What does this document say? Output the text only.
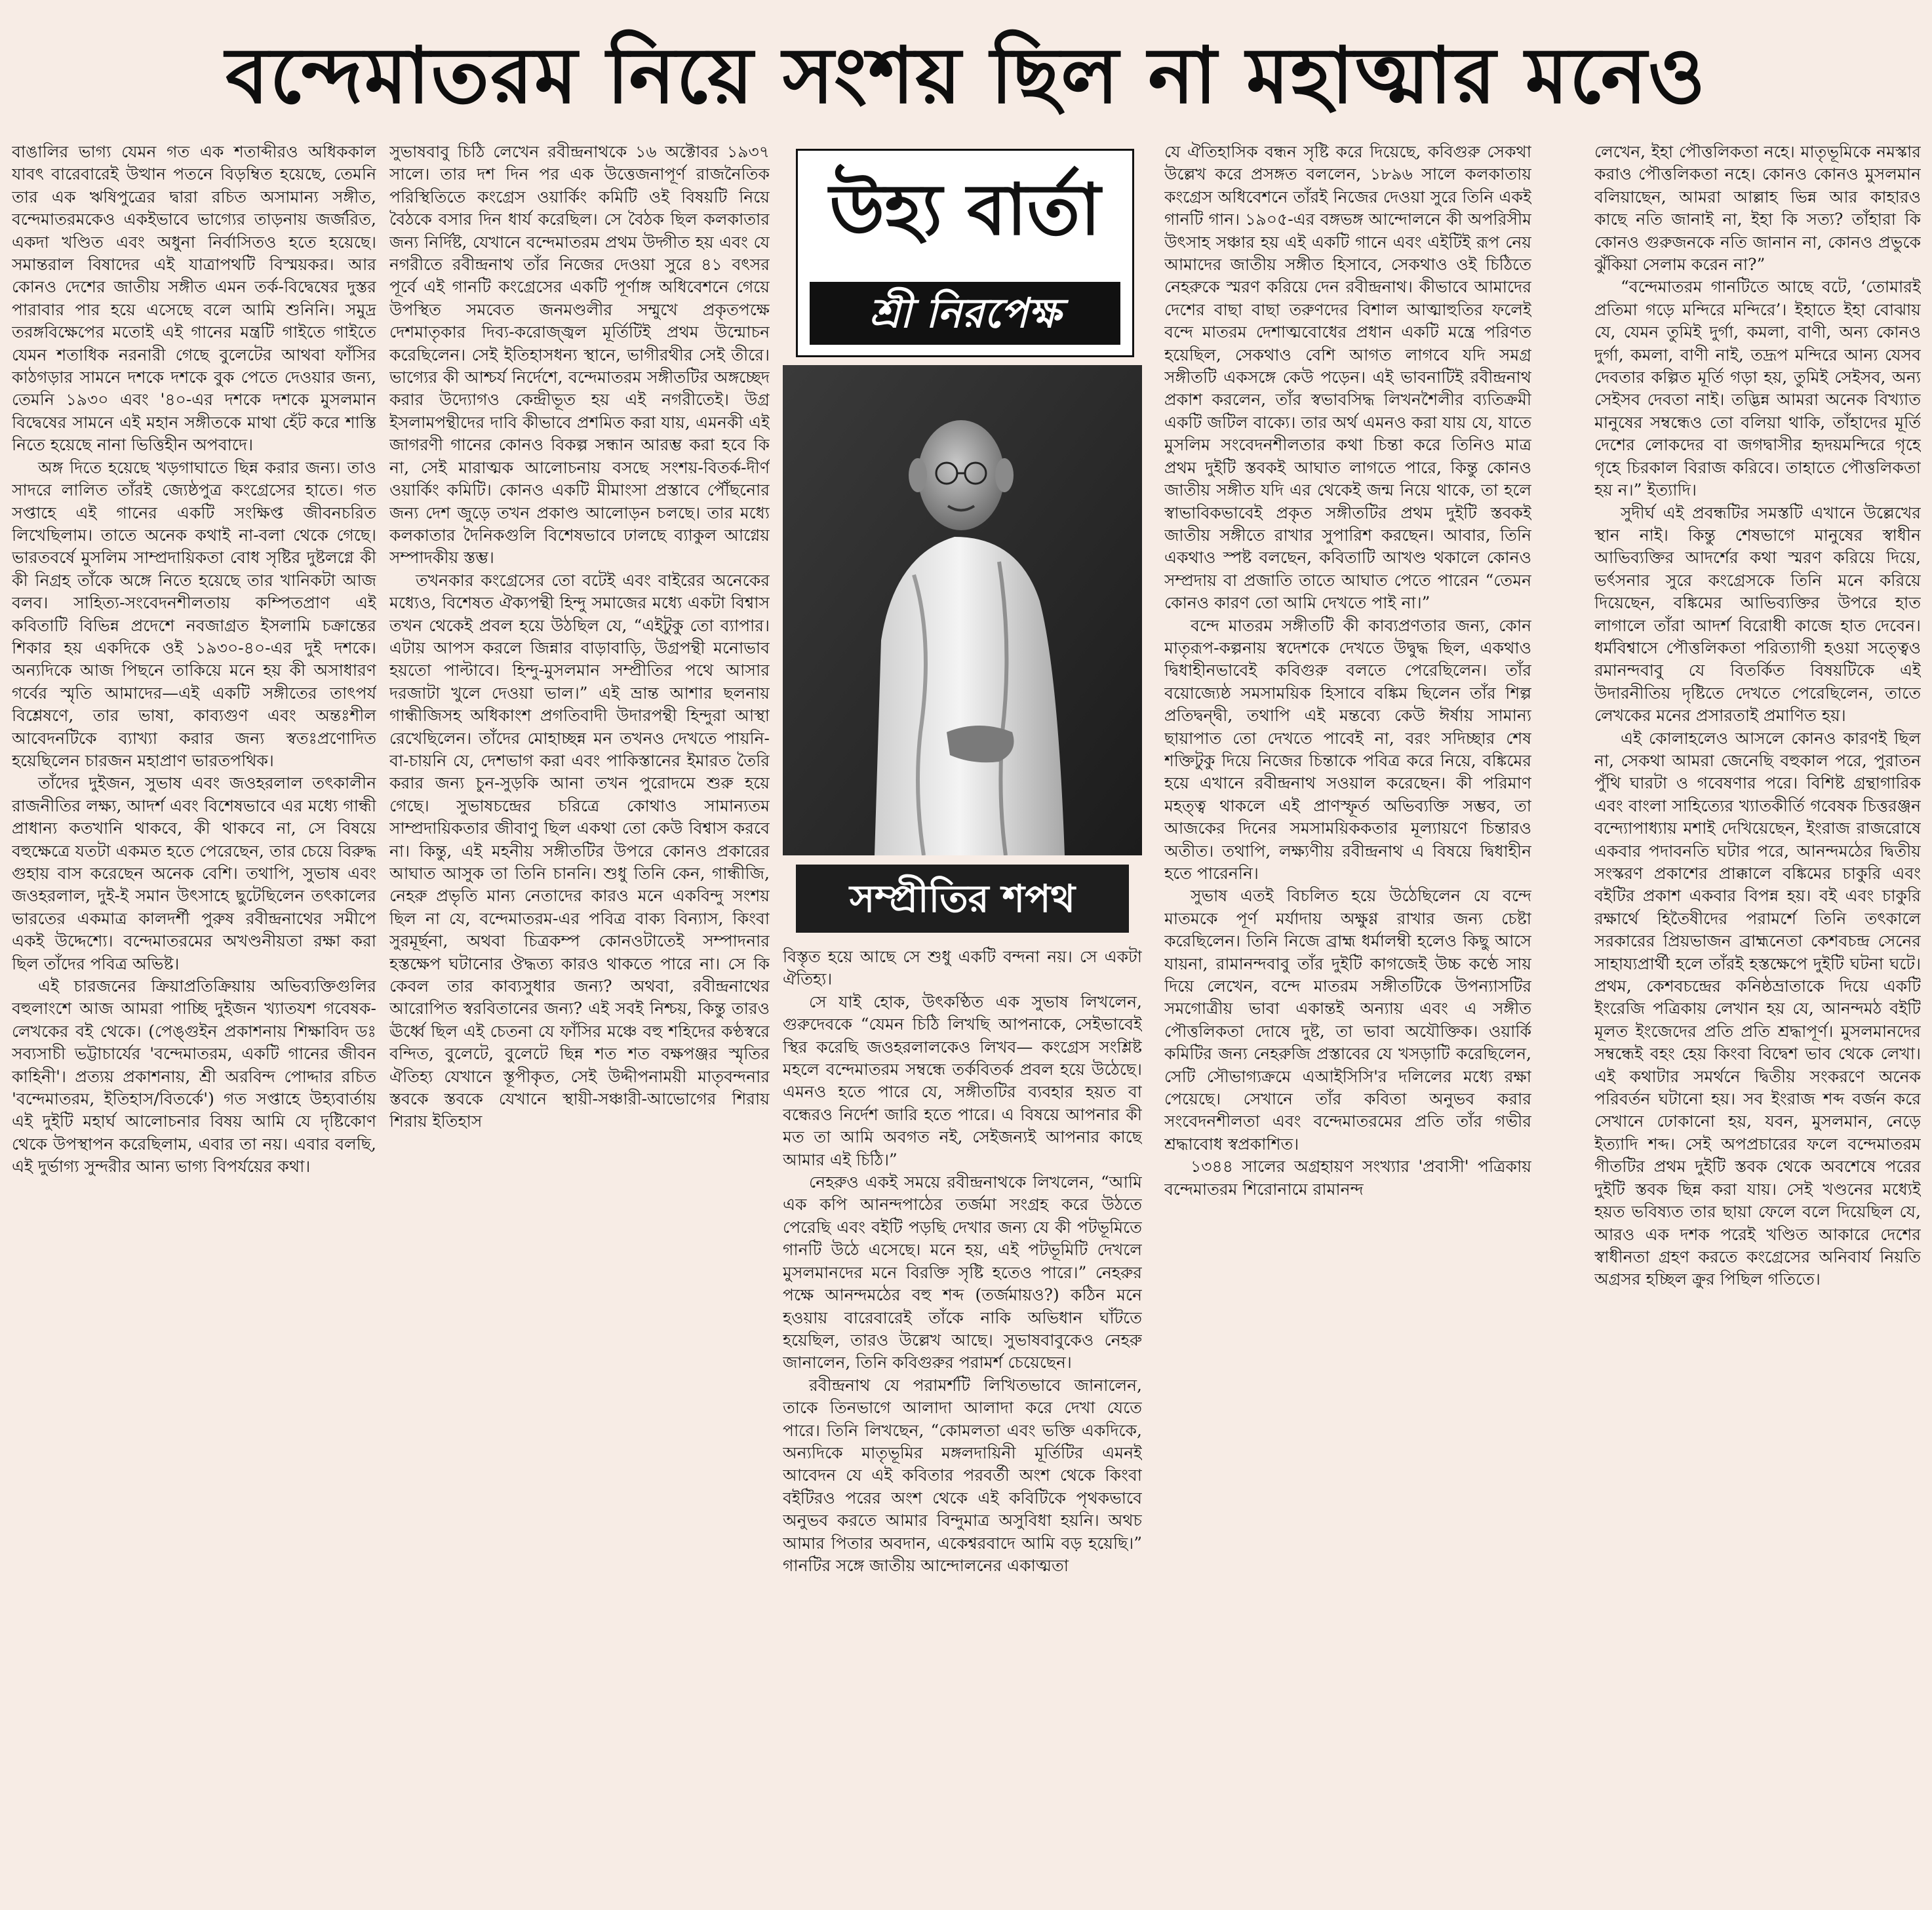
বন্দেমাতরম নিয়ে সংশয় ছিল না মহাত্মার মনেও

বাঙালির ভাগ্য যেমন গত এক শতাব্দীরও অধিককাল যাবৎ বারেবারেই উত্থান পতনে বিড়ম্বিত হয়েছে, তেমনি তার এক ঋষিপুত্রের দ্বারা রচিত অসামান্য সঙ্গীত, বন্দেমাতরমকেও একইভাবে ভাগ্যের তাড়নায় জর্জরিত, একদা খণ্ডিত এবং অধুনা নির্বাসিতও হতে হয়েছে। সমান্তরাল বিষাদের এই যাত্রাপথটি বিস্ময়কর। আর কোনও দেশের জাতীয় সঙ্গীত এমন তর্ক-বিদ্বেষের দুস্তর পারাবার পার হয়ে এসেছে বলে আমি শুনিনি। সমুদ্র তরঙ্গবিক্ষেপের মতোই এই গানের মন্ত্রটি গাইতে গাইতে যেমন শতাধিক নরনারী গেছে বুলেটের আথবা ফাঁসির কাঠগড়ার সামনে দশকে দশকে বুক পেতে দেওয়ার জন্য, তেমনি ১৯৩০ এবং '৪০-এর দশকে দশকে মুসলমান বিদ্বেষের সামনে এই মহান সঙ্গীতকে মাথা হেঁট করে শাস্তি নিতে হয়েছে নানা ভিত্তিহীন অপবাদে।

অঙ্গ দিতে হয়েছে খড়গাঘাতে ছিন্ন করার জন্য। তাও সাদরে লালিত তাঁরই জ্যেষ্ঠপুত্র কংগ্রেসের হাতে। গত সপ্তাহে এই গানের একটি সংক্ষিপ্ত জীবনচরিত লিখেছিলাম। তাতে অনেক কথাই না-বলা থেকে গেছে। ভারতবর্ষে মুসলিম সাম্প্রদায়িকতা বোধ সৃষ্টির দুষ্টলগ্নে কী কী নিগ্রহ তাঁকে অঙ্গে নিতে হয়েছে তার খানিকটা আজ বলব। সাহিত্য-সংবেদনশীলতায় কম্পিতপ্রাণ এই কবিতাটি বিভিন্ন প্রদেশে নবজাগ্রত ইসলামি চক্রান্তের শিকার হয় একদিকে ওই ১৯৩০-৪০-এর দুই দশকে। অন্যদিকে আজ পিছনে তাকিয়ে মনে হয় কী অসাধারণ গর্বের স্মৃতি আমাদের—এই একটি সঙ্গীতের তাৎপর্য বিশ্লেষণে, তার ভাষা, কাব্যগুণ এবং অন্তঃশীল আবেদনটিকে ব্যাখ্যা করার জন্য স্বতঃপ্রণোদিত হয়েছিলেন চারজন মহাপ্রাণ ভারতপথিক।

তাঁদের দুইজন, সুভাষ এবং জওহরলাল তৎকালীন রাজনীতির লক্ষ্য, আদর্শ এবং বিশেষভাবে এর মধ্যে গান্ধী প্রাধান্য কতখানি থাকবে, কী থাকবে না, সে বিষয়ে বহুক্ষেত্রে যতটা একমত হতে পেরেছেন, তার চেয়ে বিরুদ্ধ গুহায় বাস করেছেন অনেক বেশি। তথাপি, সুভাষ এবং জওহরলাল, দুই-ই সমান উৎসাহে ছুটেছিলেন তৎকালের ভারতের একমাত্র কালদর্শী পুরুষ রবীন্দ্রনাথের সমীপে একই উদ্দেশ্যে। বন্দেমাতরমের অখণ্ডনীয়তা রক্ষা করা ছিল তাঁদের পবিত্র অভিষ্ট।

এই চারজনের ক্রিয়াপ্রতিক্রিয়ায় অভিব্যক্তিগুলির বহুলাংশে আজ আমরা পাচ্ছি দুইজন খ্যাতযশ গবেষক-লেখকের বই থেকে। (পেঙ্গুইন প্রকাশনায় শিক্ষাবিদ ডঃ সব্যসাচী ভট্টাচার্যের 'বন্দেমাতরম, একটি গানের জীবন কাহিনী'। প্রত্যয় প্রকাশনায়, শ্রী অরবিন্দ পোদ্দার রচিত 'বন্দেমাতরম, ইতিহাস/বিতর্কে') গত সপ্তাহে উহ্যবার্তায় এই দুইটি মহার্ঘ আলোচনার বিষয় আমি যে দৃষ্টিকোণ থেকে উপস্থাপন করেছিলাম, এবার তা নয়। এবার বলছি, এই দুর্ভাগ্য সুন্দরীর আন্য ভাগ্য বিপর্যয়ের কথা।

সুভাষবাবু চিঠি লেখেন রবীন্দ্রনাথকে ১৬ অক্টোবর ১৯৩৭ সালে। তার দশ দিন পর এক উত্তেজনাপূর্ণ রাজনৈতিক পরিস্থিতিতে কংগ্রেস ওয়ার্কিং কমিটি ওই বিষয়টি নিয়ে বৈঠকে বসার দিন ধার্য করেছিল। সে বৈঠক ছিল কলকাতার জন্য নির্দিষ্ট, যেখানে বন্দেমাতরম প্রথম উদ্গীত হয় এবং যে নগরীতে রবীন্দ্রনাথ তাঁর নিজের দেওয়া সুরে ৪১ বৎসর পূর্বে এই গানটি কংগ্রেসের একটি পূর্ণাঙ্গ অধিবেশনে গেয়ে উপস্থিত সমবেত জনমণ্ডলীর সম্মুখে প্রকৃতপক্ষে দেশমাতৃকার দিব্য-করোজ্জ্বল মূর্তিটিই প্রথম উন্মোচন করেছিলেন। সেই ইতিহাসধন্য স্থানে, ভাগীরথীর সেই তীরে। ভাগ্যের কী আশ্চর্য নির্দেশে, বন্দেমাতরম সঙ্গীতটির অঙ্গচ্ছেদ করার উদ্যোগও কেন্দ্রীভূত হয় এই নগরীতেই। উগ্র ইসলামপন্থীদের দাবি কীভাবে প্রশমিত করা যায়, এমনকী এই জাগরণী গানের কোনও বিকল্প সন্ধান আরম্ভ করা হবে কি না, সেই মারাত্মক আলোচনায় বসছে সংশয়-বিতর্ক-দীর্ণ ওয়ার্কিং কমিটি। কোনও একটি মীমাংসা প্রস্তাবে পৌঁছনোর জন্য দেশ জুড়ে তখন প্রকাণ্ড আলোড়ন চলছে। তার মধ্যে কলকাতার দৈনিকগুলি বিশেষভাবে ঢালছে ব্যাকুল আগ্নেয় সম্পাদকীয় স্তম্ভ।

তখনকার কংগ্রেসের তো বটেই এবং বাইরের অনেকের মধ্যেও, বিশেষত ঐক্যপন্থী হিন্দু সমাজের মধ্যে একটা বিশ্বাস তখন থেকেই প্রবল হয়ে উঠছিল যে, “এইটুকু তো ব্যাপার। এটায় আপস করলে জিন্নার বাড়াবাড়ি, উগ্রপন্থী মনোভাব হয়তো পাল্টাবে। হিন্দু-মুসলমান সম্প্রীতির পথে আসার দরজাটা খুলে দেওয়া ভাল।” এই ভ্রান্ত আশার ছলনায় গান্ধীজিসহ অধিকাংশ প্রগতিবাদী উদারপন্থী হিন্দুরা আস্থা রেখেছিলেন। তাঁদের মোহাচ্ছন্ন মন তখনও দেখতে পায়নি-বা-চায়নি যে, দেশভাগ করা এবং পাকিস্তানের ইমারত তৈরি করার জন্য চুন-সুড়কি আনা তখন পুরোদমে শুরু হয়ে গেছে। সুভাষচন্দ্রের চরিত্রে কোথাও সামান্যতম সাম্প্রদায়িকতার জীবাণু ছিল একথা তো কেউ বিশ্বাস করবে না। কিন্তু, এই মহনীয় সঙ্গীতটির উপরে কোনও প্রকারের আঘাত আসুক তা তিনি চাননি। শুধু তিনি কেন, গান্ধীজি, নেহরু প্রভৃতি মান্য নেতাদের কারও মনে একবিন্দু সংশয় ছিল না যে, বন্দেমাতরম-এর পবিত্র বাক্য বিন্যাস, কিংবা সুরমূর্ছনা, অথবা চিত্রকম্প কোনওটাতেই সম্পাদনার হস্তক্ষেপ ঘটানোর ঔদ্ধত্য কারও থাকতে পারে না। সে কি কেবল তার কাব্যসুধার জন্য? অথবা, রবীন্দ্রনাথের আরোপিত স্বরবিতানের জন্য? এই সবই নিশ্চয়, কিন্তু তারও ঊর্ধ্বে ছিল এই চেতনা যে ফাঁসির মঞ্চে বহু শহিদের কণ্ঠস্বরে বন্দিত, বুলেটে, বুলেটে ছিন্ন শত শত বক্ষপঞ্জর স্মৃতির ঐতিহ্য যেখানে স্তূপীকৃত, সেই উদ্দীপনাময়ী মাতৃবন্দনার স্তবকে স্তবকে যেখানে স্থায়ী-সঞ্চারী-আভোগের শিরায় শিরায় ইতিহাস

উহ্য বার্তা
শ্রী নিরপেক্ষ
সম্প্রীতির শপথ

বিস্তৃত হয়ে আছে সে শুধু একটি বন্দনা নয়। সে একটা ঐতিহ্য।

সে যাই হোক, উৎকণ্ঠিত এক সুভাষ লিখলেন, গুরুদেবকে “যেমন চিঠি লিখছি আপনাকে, সেইভাবেই স্থির করেছি জওহরলালকেও লিখব— কংগ্রেস সংশ্লিষ্ট মহলে বন্দেমাতরম সম্বন্ধে তর্কবিতর্ক প্রবল হয়ে উঠেছে। এমনও হতে পারে যে, সঙ্গীতটির ব্যবহার হয়ত বা বন্ধেরও নির্দেশ জারি হতে পারে। এ বিষয়ে আপনার কী মত তা আমি অবগত নই, সেইজন্যই আপনার কাছে আমার এই চিঠি।”

নেহরুও একই সময়ে রবীন্দ্রনাথকে লিখলেন, “আমি এক কপি আনন্দপাঠের তর্জমা সংগ্রহ করে উঠতে পেরেছি এবং বইটি পড়ছি দেখার জন্য যে কী পটভূমিতে গানটি উঠে এসেছে। মনে হয়, এই পটভূমিটি দেখলে মুসলমানদের মনে বিরক্তি সৃষ্টি হতেও পারে।” নেহরুর পক্ষে আনন্দমঠের বহু শব্দ (তর্জমায়ও?) কঠিন মনে হওয়ায় বারেবারেই তাঁকে নাকি অভিধান ঘাঁটতে হয়েছিল, তারও উল্লেখ আছে। সুভাষবাবুকেও নেহরু জানালেন, তিনি কবিগুরুর পরামর্শ চেয়েছেন।

রবীন্দ্রনাথ যে পরামর্শটি লিখিতভাবে জানালেন, তাকে তিনভাগে আলাদা আলাদা করে দেখা যেতে পারে। তিনি লিখছেন, “কোমলতা এবং ভক্তি একদিকে, অন্যদিকে মাতৃভূমির মঙ্গলদায়িনী মূর্তিটির এমনই আবেদন যে এই কবিতার পরবর্তী অংশ থেকে কিংবা বইটিরও পরের অংশ থেকে এই কবিটিকে পৃথকভাবে অনুভব করতে আমার বিন্দুমাত্র অসুবিধা হয়নি। অথচ আমার পিতার অবদান, একেশ্বরবাদে আমি বড় হয়েছি।” গানটির সঙ্গে জাতীয় আন্দোলনের একাত্মতা

যে ঐতিহাসিক বন্ধন সৃষ্টি করে দিয়েছে, কবিগুরু সেকথা উল্লেখ করে প্রসঙ্গত বললেন, ১৮৯৬ সালে কলকাতায় কংগ্রেস অধিবেশনে তাঁরই নিজের দেওয়া সুরে তিনি একই গানটি গান। ১৯০৫-এর বঙ্গভঙ্গ আন্দোলনে কী অপরিসীম উৎসাহ সঞ্চার হয় এই একটি গানে এবং এইটিই রূপ নেয় আমাদের জাতীয় সঙ্গীত হিসাবে, সেকথাও ওই চিঠিতে নেহরুকে স্মরণ করিয়ে দেন রবীন্দ্রনাথ। কীভাবে আমাদের দেশের বাছা বাছা তরুণদের বিশাল আত্মাহুতির ফলেই বন্দে মাতরম দেশাত্মবোধের প্রধান একটি মন্ত্রে পরিণত হয়েছিল, সেকথাও বেশি আগত লাগবে যদি সমগ্র সঙ্গীতটি একসঙ্গে কেউ পড়েন। এই ভাবনাটিই রবীন্দ্রনাথ প্রকাশ করলেন, তাঁর স্বভাবসিদ্ধ লিখনশৈলীর ব্যতিক্রমী একটি জটিল বাক্যে। তার অর্থ এমনও করা যায় যে, যাতে মুসলিম সংবেদনশীলতার কথা চিন্তা করে তিনিও মাত্র প্রথম দুইটি স্তবকই আঘাত লাগতে পারে, কিন্তু কোনও জাতীয় সঙ্গীত যদি এর থেকেই জন্ম নিয়ে থাকে, তা হলে স্বাভাবিকভাবেই প্রকৃত সঙ্গীতটির প্রথম দুইটি স্তবকই জাতীয় সঙ্গীতে রাখার সুপারিশ করছেন। আবার, তিনি একথাও স্পষ্ট বলছেন, কবিতাটি আখণ্ড থকালে কোনও সম্প্রদায় বা প্রজাতি তাতে আঘাত পেতে পারেন “তেমন কোনও কারণ তো আমি দেখতে পাই না।”

বন্দে মাতরম সঙ্গীতটি কী কাব্যপ্রণতার জন্য, কোন মাতৃরূপ-কল্পনায় স্বদেশকে দেখতে উদ্বুদ্ধ ছিল, একথাও দ্বিধাহীনভাবেই কবিগুরু বলতে পেরেছিলেন। তাঁর বয়োজ্যেষ্ঠ সমসাময়িক হিসাবে বঙ্কিম ছিলেন তাঁর শিল্প প্রতিদ্বন্দ্বী, তথাপি এই মন্তব্যে কেউ ঈর্ষায় সামান্য ছায়াপাত তো দেখতে পাবেই না, বরং সদিচ্ছার শেষ শক্তিটুকু দিয়ে নিজের চিন্তাকে পবিত্র করে নিয়ে, বঙ্কিমের হয়ে এখানে রবীন্দ্রনাথ সওয়াল করেছেন। কী পরিমাণ মহত্ত্ব থাকলে এই প্রাণস্ফূর্ত অভিব্যক্তি সম্ভব, তা আজকের দিনের সমসাময়িককতার মূল্যায়ণে চিন্তারও অতীত। তথাপি, লক্ষ্যণীয় রবীন্দ্রনাথ এ বিষয়ে দ্বিধাহীন হতে পারেননি।

সুভাষ এতই বিচলিত হয়ে উঠেছিলেন যে বন্দে মাতমকে পূর্ণ মর্যাদায় অক্ষুণ্ণ রাখার জন্য চেষ্টা করেছিলেন। তিনি নিজে ব্রাহ্ম ধর্মালম্বী হলেও কিছু আসে যায়না, রামানন্দবাবু তাঁর দুইটি কাগজেই উচ্চ কণ্ঠে সায় দিয়ে লেখেন, বন্দে মাতরম সঙ্গীতটিকে উপন্যাসটির সমগোত্রীয় ভাবা একান্তই অন্যায় এবং এ সঙ্গীত পৌত্তলিকতা দোষে দুষ্ট, তা ভাবা অযৌক্তিক। ওয়ার্কি কমিটির জন্য নেহরুজি প্রস্তাবের যে খসড়াটি করেছিলেন, সেটি সৌভাগ্যক্রমে এআইসিসি'র দলিলের মধ্যে রক্ষা পেয়েছে। সেখানে তাঁর কবিতা অনুভব করার সংবেদনশীলতা এবং বন্দেমাতরমের প্রতি তাঁর গভীর শ্রদ্ধাবোধ স্বপ্রকাশিত।

১৩৪৪ সালের অগ্রহায়ণ সংখ্যার 'প্রবাসী' পত্রিকায় বন্দেমাতরম শিরোনামে রামানন্দ

লেখেন, ইহা পৌত্তলিকতা নহে। মাতৃভূমিকে নমস্কার করাও পৌত্তলিকতা নহে। কোনও কোনও মুসলমান বলিয়াছেন, আমরা আল্লাহ ভিন্ন আর কাহারও কাছে নতি জানাই না, ইহা কি সত্য? তাঁহারা কি কোনও গুরুজনকে নতি জানান না, কোনও প্রভুকে ঝুঁকিয়া সেলাম করেন না?”

“বন্দেমাতরম গানটিতে আছে বটে, ‘তোমারই প্রতিমা গড়ে মন্দিরে মন্দিরে’। ইহাতে ইহা বোঝায় যে, যেমন তুমিই দুর্গা, কমলা, বাণী, অন্য কোনও দুর্গা, কমলা, বাণী নাই, তদ্রূপ মন্দিরে আন্য যেসব দেবতার কল্পিত মূর্তি গড়া হয়, তুমিই সেইসব, অন্য সেইসব দেবতা নাই। তদ্ভিন্ন আমরা অনেক বিখ্যাত মানুষের সম্বন্ধেও তো বলিয়া থাকি, তাঁহাদের মূর্তি দেশের লোকদের বা জগদ্বাসীর হৃদয়মন্দিরে গৃহে গৃহে চিরকাল বিরাজ করিবে। তাহাতে পৌত্তলিকতা হয় ন।” ইত্যাদি।

সুদীর্ঘ এই প্রবন্ধটির সমস্তটি এখানে উল্লেখের স্থান নাই। কিন্তু শেষভাগে মানুষের স্বাধীন আভিব্যক্তির আদর্শের কথা স্মরণ করিয়ে দিয়ে, ভর্ৎসনার সুরে কংগ্রেসকে তিনি মনে করিয়ে দিয়েছেন, বঙ্কিমের আভিব্যক্তির উপরে হাত লাগালে তাঁরা আদর্শ বিরোধী কাজে হাত দেবেন। ধর্মবিশ্বাসে পৌত্তলিকতা পরিত্যাগী হওয়া সত্ত্বেও রমানন্দবাবু যে বিতর্কিত বিষয়টিকে এই উদারনীতিয় দৃষ্টিতে দেখতে পেরেছিলেন, তাতে লেখকের মনের প্রসারতাই প্রমাণিত হয়।

এই কোলাহলেও আসলে কোনও কারণই ছিল না, সেকথা আমরা জেনেছি বহুকাল পরে, পুরাতন পুঁথি ঘারটা ও গবেষণার পরে। বিশিষ্ট গ্রন্থাগারিক এবং বাংলা সাহিত্যের খ্যাতকীর্তি গবেষক চিত্তরঞ্জন বন্দ্যোপাধ্যায় মশাই দেখিয়েছেন, ইংরাজ রাজরোষে একবার পদাবনতি ঘটার পরে, আনন্দমঠের দ্বিতীয় সংস্করণ প্রকাশের প্রাক্কালে বঙ্কিমের চাকুরি এবং বইটির প্রকাশ একবার বিপন্ন হয়। বই এবং চাকুরি রক্ষার্থে হিতৈষীদের পরামর্শে তিনি তৎকালে সরকারের প্রিয়ভাজন ব্রাহ্মনেতা কেশবচন্দ্র সেনের সাহায্যপ্রার্থী হলে তাঁরই হস্তক্ষেপে দুইটি ঘটনা ঘটে। প্রথম, কেশবচন্দ্রের কনিষ্ঠভ্রাতাকে দিয়ে একটি ইংরেজি পত্রিকায় লেখান হয় যে, আনন্দমঠ বইটি মূলত ইংজেদের প্রতি প্রতি শ্রদ্ধাপূর্ণ। মুসলমানদের সম্বন্ধেই বহং হেয় কিংবা বিদ্বেশ ভাব থেকে লেখা। এই কথাটার সমর্থনে দ্বিতীয় সংকরণে অনেক পরিবর্তন ঘটানো হয়। সব ইংরাজ শব্দ বর্জন করে সেখানে ঢোকানো হয়, যবন, মুসলমান, নেড়ে ইত্যাদি শব্দ। সেই অপপ্রচারের ফলে বন্দেমাতরম গীতটির প্রথম দুইটি স্তবক থেকে অবশেষে পরের দুইটি স্তবক ছিন্ন করা যায়। সেই খণ্ডনের মধ্যেই হয়ত ভবিষ্যত তার ছায়া ফেলে বলে দিয়েছিল যে, আরও এক দশক পরেই খণ্ডিত আকারে দেশের স্বাধীনতা গ্রহণ করতে কংগ্রেসের অনিবার্য নিয়তি অগ্রসর হচ্ছিল ক্রুর পিছিল গতিতে।
